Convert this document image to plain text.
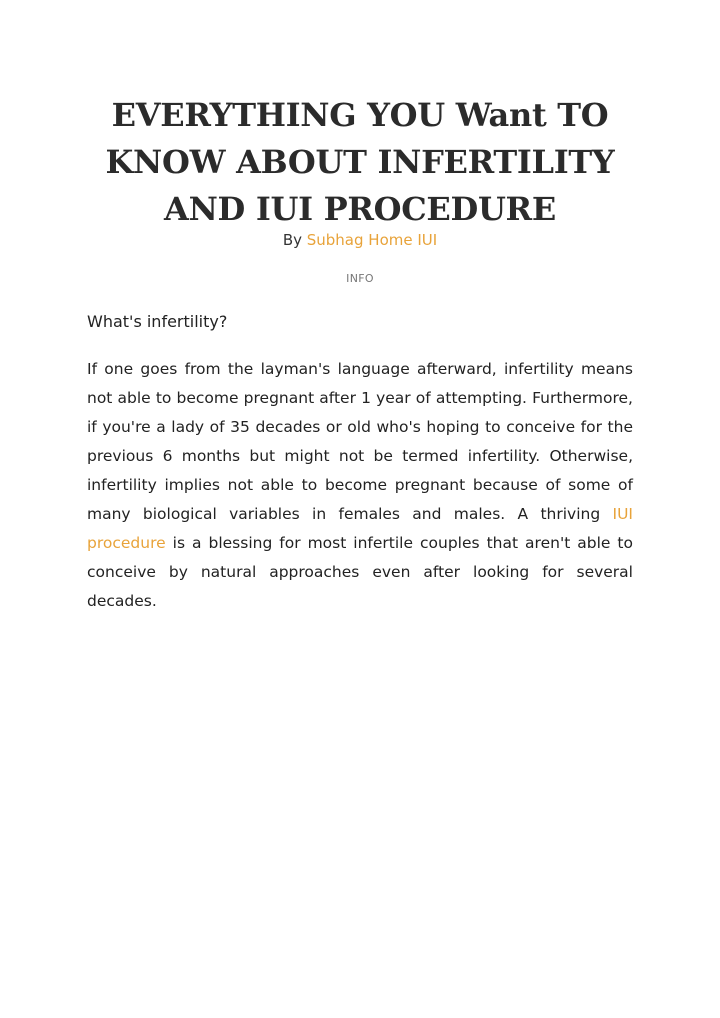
EVERYTHING YOU Want TO KNOW ABOUT INFERTILITY AND IUI PROCEDURE
By Subhag Home IUI
INFO

What's infertility?

If one goes from the layman's language afterward, infertility means not able to become pregnant after 1 year of attempting. Furthermore, if you're a lady of 35 decades or old who's hoping to conceive for the previous 6 months but might not be termed infertility. Otherwise, infertility implies not able to become pregnant because of some of many biological variables in females and males. A thriving IUI procedure is a blessing for most infertile couples that aren't able to conceive by natural approaches even after looking for several decades.
